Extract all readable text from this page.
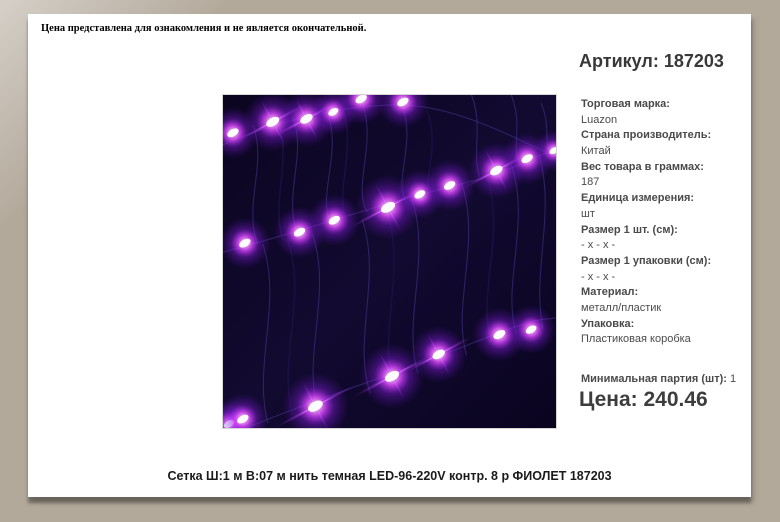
Цена представлена для ознакомления и не является окончательной.
Артикул: 187203
Торговая марка:
Luazon
Страна производитель:
Китай
Вес товара в граммах:
187
Единица измерения:
шт
Размер 1 шт. (см):
- x - x -
Размер 1 упаковки (см):
- x - x -
Материал:
металл/пластик
Упаковка:
Пластиковая коробка
Минимальная партия (шт): 1
Цена: 240.46
Сетка Ш:1 м В:07 м нить темная LED-96-220V контр. 8 р ФИОЛЕТ 187203
